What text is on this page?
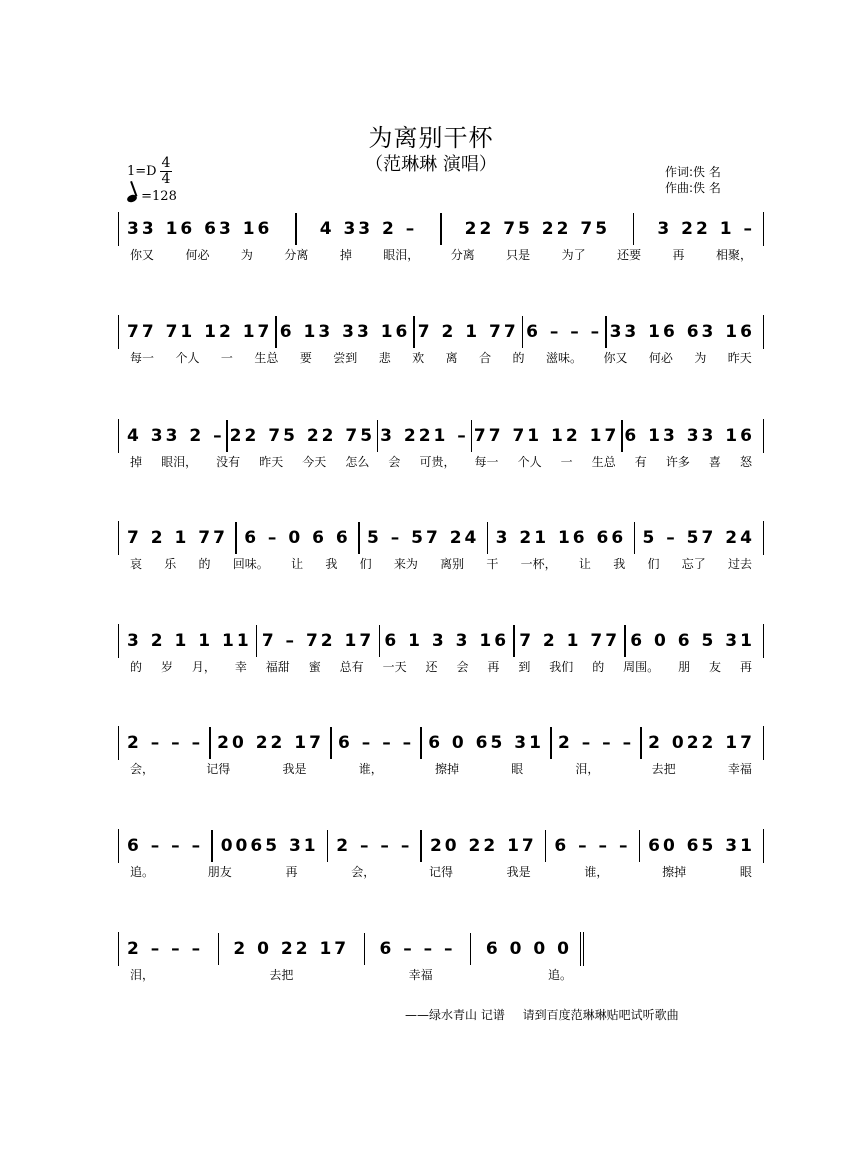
为离别干杯
（范琳琳 演唱）
1=D
4
4
=128
作词:佚 名
作曲:佚 名
33 16 63 16	4 33 2 –	22 75 22 75	3 22 1 –
你又	何必	为	分离	掉	眼泪，	分离	只是	为了	还要	再	相聚，
77 71 12 17 6 13 33 16 7 2 1 77 6 – – – 33 16 63 16
每一 个人 一 生总 要 尝到 悲 欢 离 合 的 滋味。 你又 何必 为 昨天
4 33 2 – 22 75 22 75 3 221 – 77 71 12 17 6 13 33 16
掉 眼泪， 没有 昨天 今天 怎么 会 可贵， 每一 个人 一 生总 有 许多 喜 怒
7 2 1 77 6 – 0 6 6 5 – 57 24 3 21 16 66 5 – 57 24
哀 乐 的 回味。 让 我 们 来为 离别 干 一杯， 让 我 们 忘了 过去
3 2 1 1 11 7 – 72 17 6 1 3 3 16 7 2 1 77 6 0 6 5 31
的 岁 月， 幸 福甜 蜜 总有 一天 还 会 再 到 我们 的 周围。 朋 友 再
2 – – – 20 22 17 6 – – – 6 0 65 31 2 – – – 2 022 17
会，	记得	我是	谁，	擦掉	眼	泪，	去把	幸福
6 – – – 0065 31 2 – – – 20 22 17 6 – – – 60 65 31
追。	朋友	再	会，	记得	我是	谁，	擦掉	眼
2 – – – 2 0 22 17 6 – – – 6 0 0 0
泪，	去把	幸福	追。
——绿水青山 记谱 请到百度范琳琳贴吧试听歌曲
